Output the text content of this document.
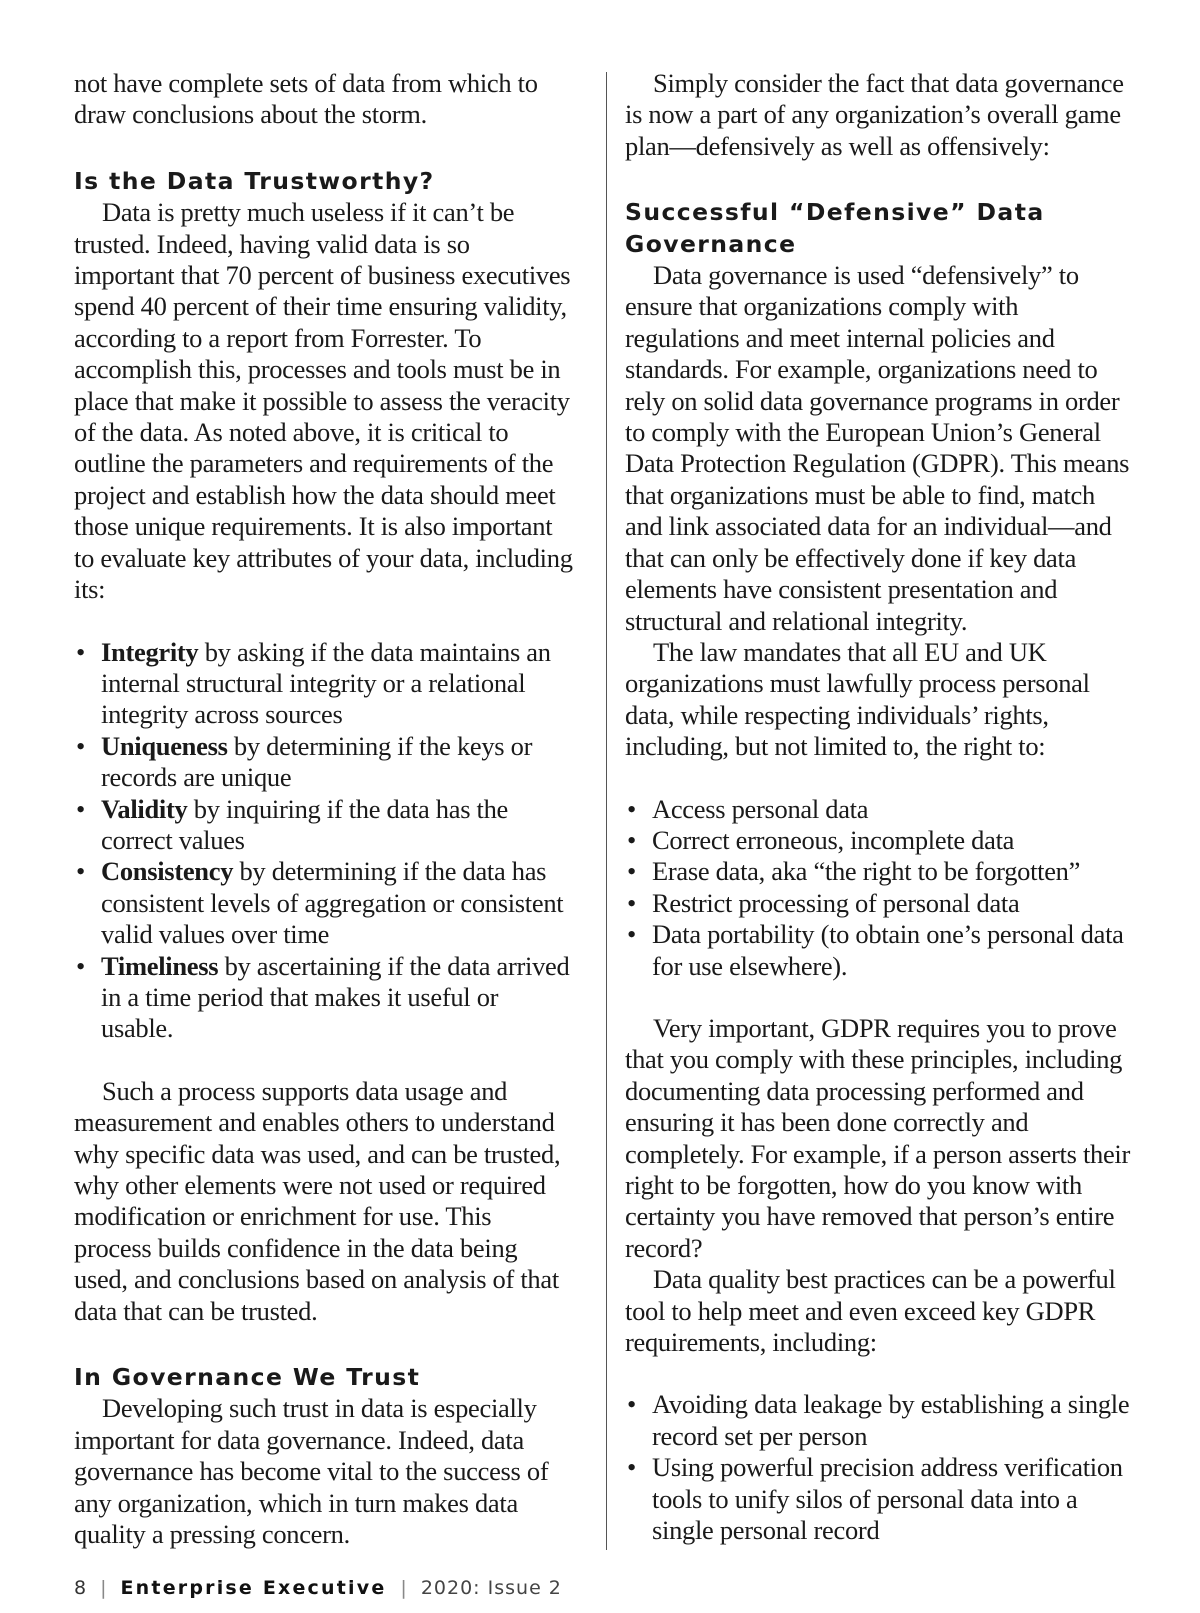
not have complete sets of data from which to draw conclusions about the storm.

Is the Data Trustworthy?

Data is pretty much useless if it can’t be trusted. Indeed, having valid data is so important that 70 percent of business executives spend 40 percent of their time ensuring validity, according to a report from Forrester. To accomplish this, processes and tools must be in place that make it possible to assess the veracity of the data. As noted above, it is critical to outline the parameters and requirements of the project and establish how the data should meet those unique requirements. It is also important to evaluate key attributes of your data, including its:

• Integrity by asking if the data maintains an internal structural integrity or a relational integrity across sources
• Uniqueness by determining if the keys or records are unique
• Validity by inquiring if the data has the correct values
• Consistency by determining if the data has consistent levels of aggregation or consistent valid values over time
• Timeliness by ascertaining if the data arrived in a time period that makes it useful or usable.

Such a process supports data usage and measurement and enables others to understand why specific data was used, and can be trusted, why other elements were not used or required modification or enrichment for use. This process builds confidence in the data being used, and conclusions based on analysis of that data that can be trusted.

In Governance We Trust

Developing such trust in data is especially important for data governance. Indeed, data governance has become vital to the success of any organization, which in turn makes data quality a pressing concern.

Simply consider the fact that data governance is now a part of any organization’s overall game plan—defensively as well as offensively:

Successful “Defensive” Data
Governance

Data governance is used “defensively” to ensure that organizations comply with regulations and meet internal policies and standards. For example, organizations need to rely on solid data governance programs in order to comply with the European Union’s General Data Protection Regulation (GDPR). This means that organizations must be able to find, match and link associated data for an individual—and that can only be effectively done if key data elements have consistent presentation and structural and relational integrity.

The law mandates that all EU and UK organizations must lawfully process personal data, while respecting individuals’ rights, including, but not limited to, the right to:

• Access personal data
• Correct erroneous, incomplete data
• Erase data, aka “the right to be forgotten”
• Restrict processing of personal data
• Data portability (to obtain one’s personal data for use elsewhere).

Very important, GDPR requires you to prove that you comply with these principles, including documenting data processing performed and ensuring it has been done correctly and completely. For example, if a person asserts their right to be forgotten, how do you know with certainty you have removed that person’s entire record?

Data quality best practices can be a powerful tool to help meet and even exceed key GDPR requirements, including:

• Avoiding data leakage by establishing a single record set per person
• Using powerful precision address verification tools to unify silos of personal data into a single personal record
8 | Enterprise Executive | 2020: Issue 2
